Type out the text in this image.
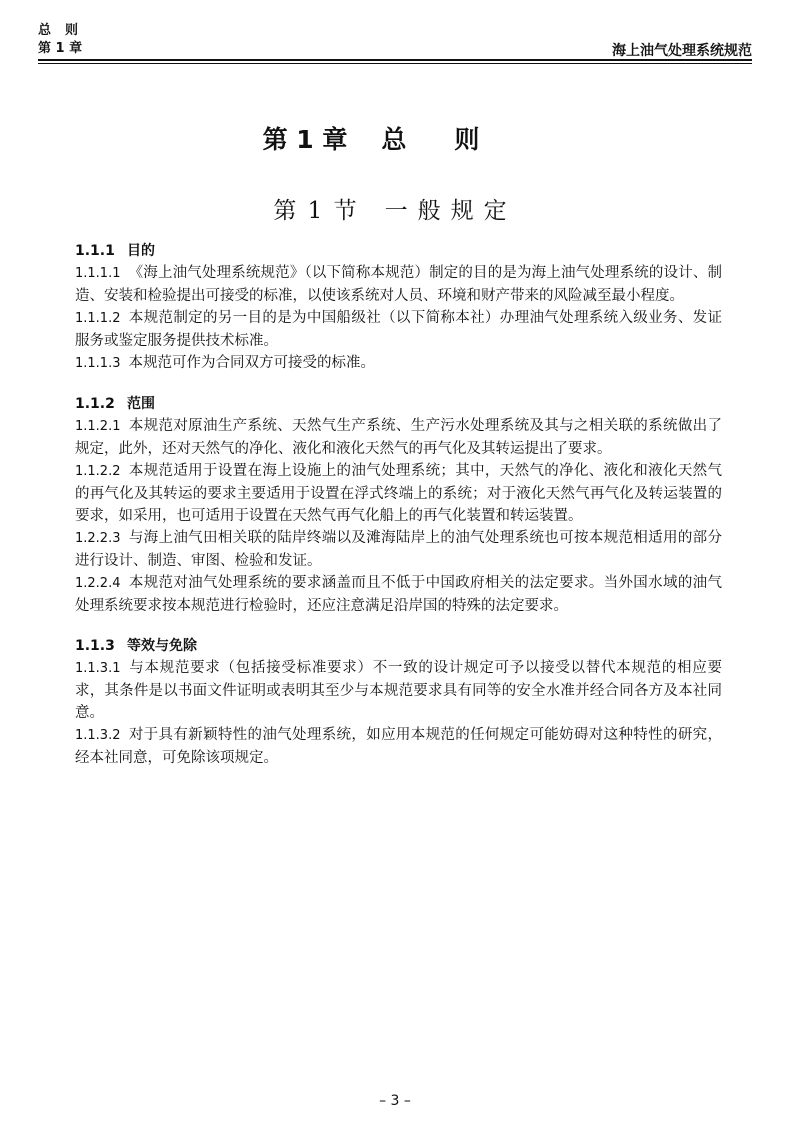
总则
第 1 章	海上油气处理系统规范
第 1 章 总则
第 1 节 一般规定
1.1.1 目的

1.1.1.1 《海上油气处理系统规范》（以下简称本规范）制定的目的是为海上油气处理系统的设计、制造、安装和检验提出可接受的标准，以使该系统对人员、环境和财产带来的风险减至最小程度。

1.1.1.2 本规范制定的另一目的是为中国船级社（以下简称本社）办理油气处理系统入级业务、发证服务或鉴定服务提供技术标准。

1.1.1.3 本规范可作为合同双方可接受的标准。

1.1.2 范围

1.1.2.1 本规范对原油生产系统、天然气生产系统、生产污水处理系统及其与之相关联的系统做出了规定，此外，还对天然气的净化、液化和液化天然气的再气化及其转运提出了要求。

1.1.2.2 本规范适用于设置在海上设施上的油气处理系统；其中，天然气的净化、液化和液化天然气的再气化及其转运的要求主要适用于设置在浮式终端上的系统；对于液化天然气再气化及转运装置的要求，如采用，也可适用于设置在天然气再气化船上的再气化装置和转运装置。

1.2.2.3 与海上油气田相关联的陆岸终端以及滩海陆岸上的油气处理系统也可按本规范相适用的部分进行设计、制造、审图、检验和发证。

1.2.2.4 本规范对油气处理系统的要求涵盖而且不低于中国政府相关的法定要求。当外国水域的油气处理系统要求按本规范进行检验时，还应注意满足沿岸国的特殊的法定要求。

1.1.3 等效与免除

1.1.3.1 与本规范要求（包括接受标准要求）不一致的设计规定可予以接受以替代本规范的相应要求，其条件是以书面文件证明或表明其至少与本规范要求具有同等的安全水准并经合同各方及本社同意。

1.1.3.2 对于具有新颖特性的油气处理系统，如应用本规范的任何规定可能妨碍对这种特性的研究，经本社同意，可免除该项规定。

– 3 –
